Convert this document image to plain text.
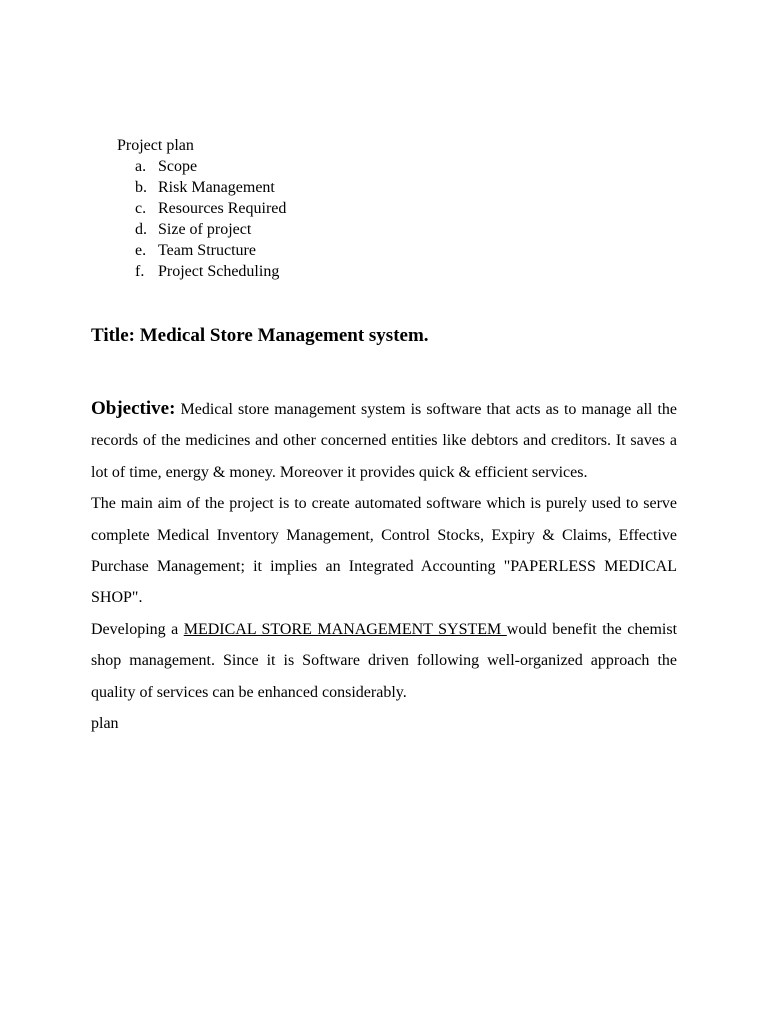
Project plan
a. Scope
b. Risk Management
c. Resources Required
d. Size of project
e. Team Structure
f. Project Scheduling
Title: Medical Store Management system.

Objective: Medical store management system is software that acts as to manage all the records of the medicines and other concerned entities like debtors and creditors. It saves a lot of time, energy & money. Moreover it provides quick & efficient services.

The main aim of the project is to create automated software which is purely used to serve complete Medical Inventory Management, Control Stocks, Expiry & Claims, Effective Purchase Management; it implies an Integrated Accounting "PAPERLESS MEDICAL SHOP".

Developing a MEDICAL STORE MANAGEMENT SYSTEM would benefit the chemist shop management. Since it is Software driven following well-organized approach the quality of services can be enhanced considerably.

plan
